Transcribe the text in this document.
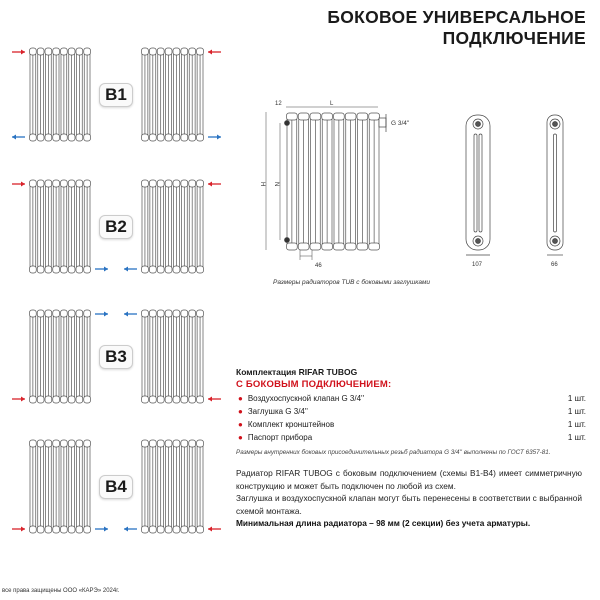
БОКОВОЕ УНИВЕРСАЛЬНОЕ
ПОДКЛЮЧЕНИЕ
B1
B2
B3
B4
12	L
G 3/4''
H N
46	107	66
Размеры радиаторов TUB с боковыми заглушками
Комплектация RIFAR TUBOG
С БОКОВЫМ ПОДКЛЮЧЕНИЕМ:
● Воздухоспускной клапан G 3/4''	1 шт.
● Заглушка G 3/4''	1 шт.
● Комплект кронштейнов	1 шт.
● Паспорт прибора	1 шт.
Размеры внутренних боковых присоединительных резьб радиатора G 3/4'' выполнены по ГОСТ 6357-81.
Радиатор RIFAR TUBOG с боковым подключением (схемы B1-B4) имеет симметричную конструкцию и может быть подключен по любой из схем.
Заглушка и воздухоспускной клапан могут быть перенесены в соответствии с выбранной схемой монтажа.
Минимальная длина радиатора – 98 мм (2 секции) без учета арматуры.
все права защищены ООО «КАРЭ» 2024г.
